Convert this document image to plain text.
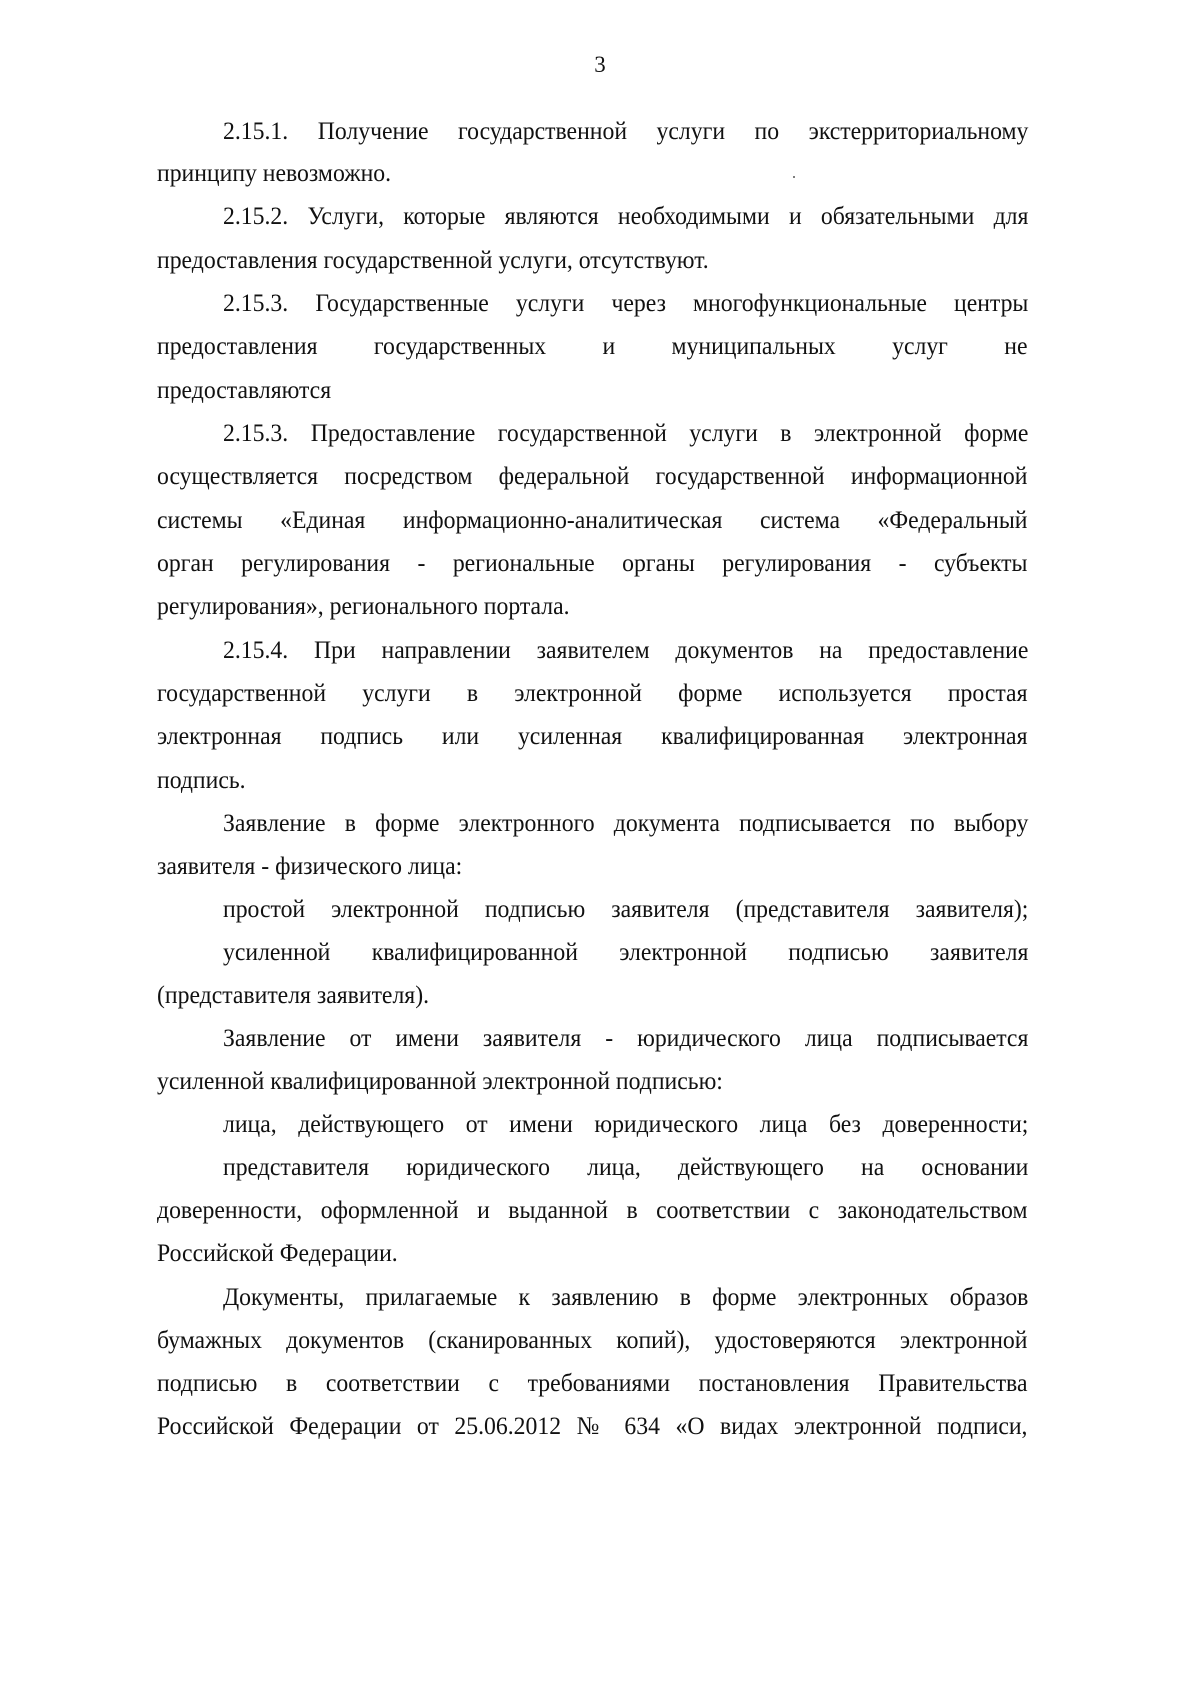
3
2.15.1. Получение государственной услуги по экстерриториальному
принципу невозможно.
2.15.2. Услуги, которые являются необходимыми и обязательными для
предоставления государственной услуги, отсутствуют.
2.15.3. Государственные услуги через многофункциональные центры
предоставления государственных и муниципальных услуг не
предоставляются
2.15.3. Предоставление государственной услуги в электронной форме
осуществляется посредством федеральной государственной информационной
системы «Единая информационно-аналитическая система «Федеральный
орган регулирования - региональные органы регулирования - субъекты
регулирования», регионального портала.
2.15.4. При направлении заявителем документов на предоставление
государственной услуги в электронной форме используется простая
электронная подпись или усиленная квалифицированная электронная
подпись.
Заявление в форме электронного документа подписывается по выбору
заявителя - физического лица:
простой электронной подписью заявителя (представителя заявителя);
усиленной квалифицированной электронной подписью заявителя
(представителя заявителя).
Заявление от имени заявителя - юридического лица подписывается
усиленной квалифицированной электронной подписью:
лица, действующего от имени юридического лица без доверенности;
представителя юридического лица, действующего на основании
доверенности, оформленной и выданной в соответствии с законодательством
Российской Федерации.
Документы, прилагаемые к заявлению в форме электронных образов
бумажных документов (сканированных копий), удостоверяются электронной
подписью в соответствии с требованиями постановления Правительства
Российской Федерации от 25.06.2012 № 634 «О видах электронной подписи,
